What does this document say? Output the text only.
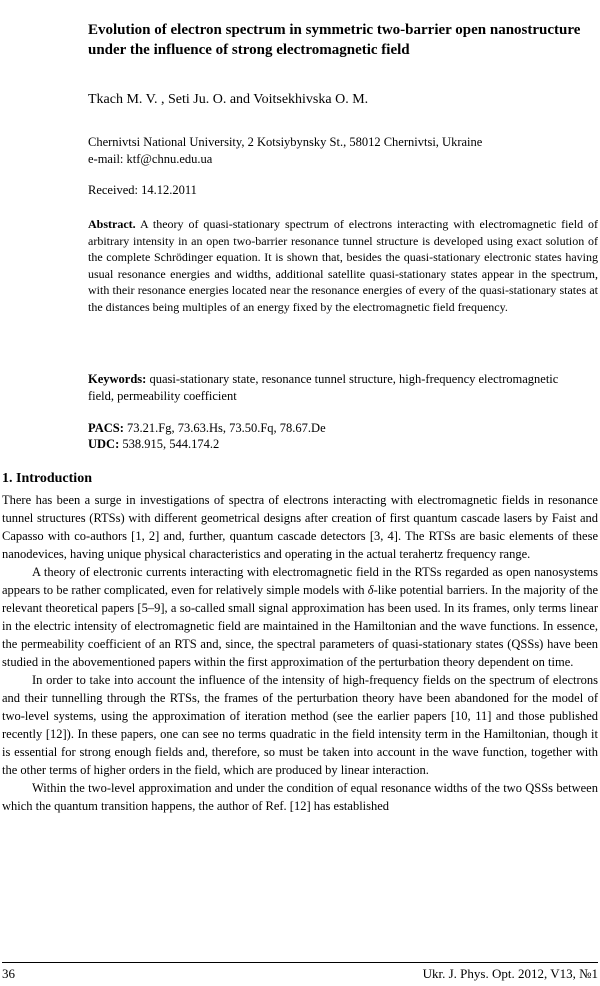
Evolution of electron spectrum in symmetric two-barrier open nanostructure under the influence of strong electromagnetic field
Tkach M. V. , Seti Ju. O. and Voitsekhivska O. M.

Chernivtsi National University, 2 Kotsiybynsky St., 58012 Chernivtsi, Ukraine

e-mail: ktf@chnu.edu.ua

Received: 14.12.2011

Abstract. A theory of quasi-stationary spectrum of electrons interacting with electromagnetic field of arbitrary intensity in an open two-barrier resonance tunnel structure is developed using exact solution of the complete Schrödinger equation. It is shown that, besides the quasi-stationary electronic states having usual resonance energies and widths, additional satellite quasi-stationary states appear in the spectrum, with their resonance energies located near the resonance energies of every of the quasi-stationary states at the distances being multiples of an energy fixed by the electromagnetic field frequency.

Keywords: quasi-stationary state, resonance tunnel structure, high-frequency electromagnetic field, permeability coefficient

PACS: 73.21.Fg, 73.63.Hs, 73.50.Fq, 78.67.De

UDC: 538.915, 544.174.2

1. Introduction

There has been a surge in investigations of spectra of electrons interacting with electromagnetic fields in resonance tunnel structures (RTSs) with different geometrical designs after creation of first quantum cascade lasers by Faist and Capasso with co-authors [1, 2] and, further, quantum cascade detectors [3, 4]. The RTSs are basic elements of these nanodevices, having unique physical characteristics and operating in the actual terahertz frequency range.

A theory of electronic currents interacting with electromagnetic field in the RTSs regarded as open nanosystems appears to be rather complicated, even for relatively simple models with δ-like potential barriers. In the majority of the relevant theoretical papers [5–9], a so-called small signal approximation has been used. In its frames, only terms linear in the electric intensity of electromagnetic field are maintained in the Hamiltonian and the wave functions. In essence, the permeability coefficient of an RTS and, since, the spectral parameters of quasi-stationary states (QSSs) have been studied in the abovementioned papers within the first approximation of the perturbation theory dependent on time.

In order to take into account the influence of the intensity of high-frequency fields on the spectrum of electrons and their tunnelling through the RTSs, the frames of the perturbation theory have been abandoned for the model of two-level systems, using the approximation of iteration method (see the earlier papers [10, 11] and those published recently [12]). In these papers, one can see no terms quadratic in the field intensity term in the Hamiltonian, though it is essential for strong enough fields and, therefore, so must be taken into account in the wave function, together with the other terms of higher orders in the field, which are produced by linear interaction.

Within the two-level approximation and under the condition of equal resonance widths of the two QSSs between which the quantum transition happens, the author of Ref. [12] has established

36	Ukr. J. Phys. Opt. 2012, V13, №1
